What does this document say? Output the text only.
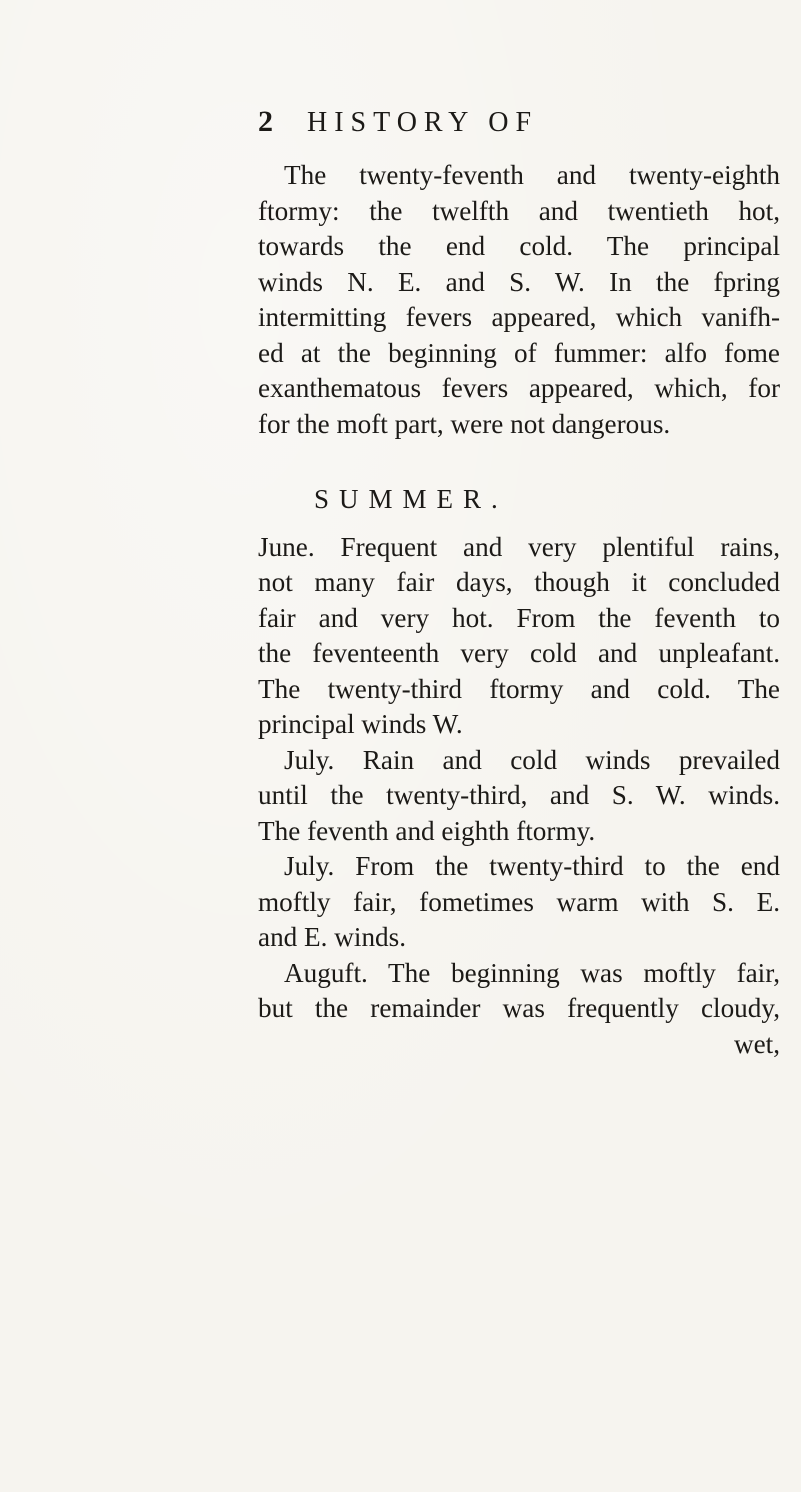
2 HISTORY OF
The twenty-feventh and twenty-eighth
ftormy: the twelfth and twentieth hot,
towards the end cold. The principal
winds N. E. and S. W. In the fpring
intermitting fevers appeared, which vanifh-
ed at the beginning of fummer: alfo fome
exanthematous fevers appeared, which, for
for the moft part, were not dangerous.
SUMMER.
June. Frequent and very plentiful rains,
not many fair days, though it concluded
fair and very hot. From the feventh to
the feventeenth very cold and unpleafant.
The twenty-third ftormy and cold. The
principal winds W.
July. Rain and cold winds prevailed
until the twenty-third, and S. W. winds.
The feventh and eighth ftormy.
July. From the twenty-third to the end
moftly fair, fometimes warm with S. E.
and E. winds.
Auguft. The beginning was moftly fair,
but the remainder was frequently cloudy,
wet,
